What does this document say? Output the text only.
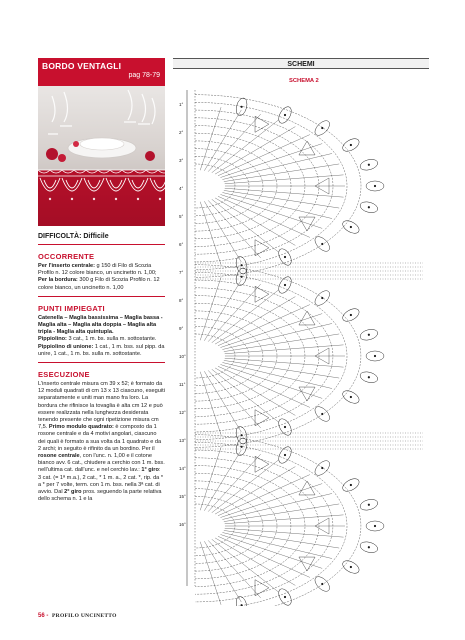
BORDO VENTAGLI
pag 78-79
DIFFICOLTÀ: Difficile
OCCORRENTE

Per l'inserto centrale: g 150 di Filo di Scozia Profilo n. 12 colore bianco, un uncinetto n. 1,00;

Per la bordura: 300 g Filo di Scozia Profilo n. 12 colore bianco, un uncinetto n. 1,00

PUNTI IMPIEGATI

Catenella – Maglia bassissima – Maglia bassa - Maglia alta – Maglia alta doppia – Maglia alta tripla - Maglia alta quintupla.

Pippiolino: 3 cat., 1 m. bs. sulla m. sottostante.

Pippiolino di unione: 1 cat., 1 m. bss. sul pipp. da unire, 1 cat., 1 m. bs. sulla m. sottostante.

ESECUZIONE

L'inserto centrale misura cm 39 x 52; è formato da 12 moduli quadrati di cm 13 x 13 ciascuno, eseguiti separatamente e uniti man mano fra loro. La bordura che rifinisce la tovaglia è alta cm 12 e può essere realizzata nella lunghezza desiderata tenendo presente che ogni ripetizione misura cm 7,5. Primo modulo quadrato: è composto da 1 rosone centrale e da 4 motivi angolari, ciascuno dei quali è formato a sua volta da 1 quadrato e da 2 archi; in seguito è rifinito da un bordino. Per il rosone centrale, con l'unc. n. 1,00 e il cotone bianco avv. 6 cat., chiudere a cerchio con 1 m. bss. nell'ultima cat. dall'unc. e nel cerchio lav.: 1° giro: 3 cat. (= 1ª m.a.), 2 cat., * 1 m. a., 2 cat. *, rip. da * a * per 7 volte, term. con 1 m. bss. nella 3ª cat. di avvio. Dal 2° giro pros. seguendo la parte relativa dello schema n. 1 e la

56 - PROFILO UNCINETTO
SCHEMI
SCHEMA 2
1°
2°
3°
4°
5°
6°
7°
8°
9°
10°
11°
12°
13°
14°
15°
16°
